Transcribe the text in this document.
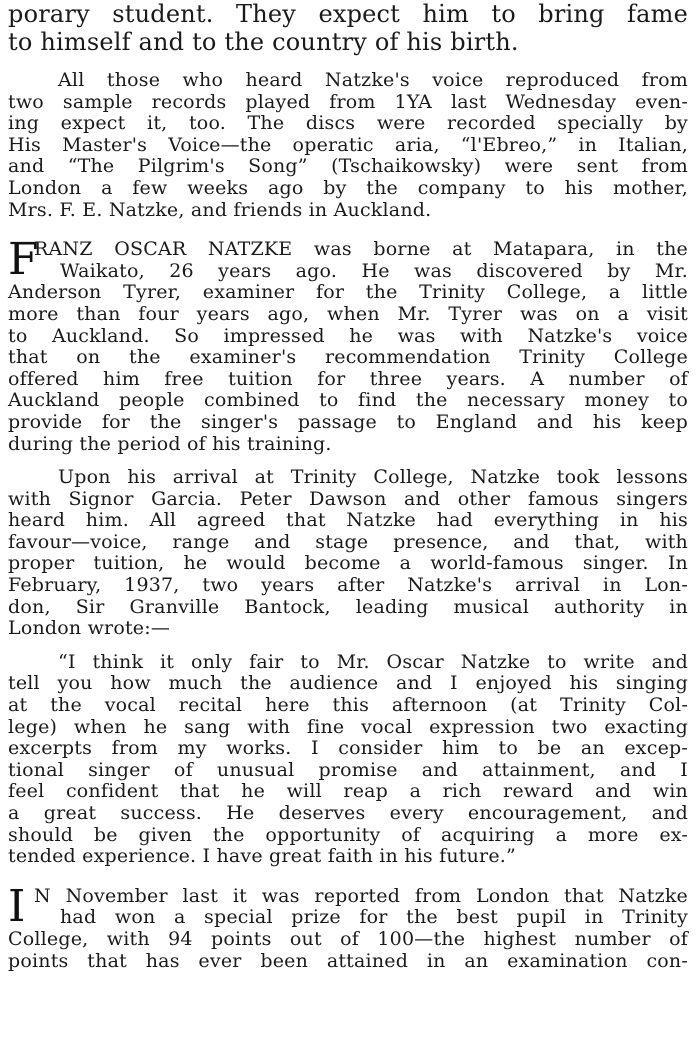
porary student. They expect him to bring fame
to himself and to the country of his birth.
All those who heard Natzke's voice reproduced from
two sample records played from 1YA last Wednesday even-
ing expect it, too. The discs were recorded specially by
His Master's Voice—the operatic aria, “l'Ebreo,” in Italian,
and “The Pilgrim's Song” (Tschaikowsky) were sent from
London a few weeks ago by the company to his mother,
Mrs. F. E. Natzke, and friends in Auckland.
F
RANZ OSCAR NATZKE was borne at Matapara, in the
Waikato, 26 years ago. He was discovered by Mr.
Anderson Tyrer, examiner for the Trinity College, a little
more than four years ago, when Mr. Tyrer was on a visit
to Auckland. So impressed he was with Natzke's voice
that on the examiner's recommendation Trinity College
offered him free tuition for three years. A number of
Auckland people combined to find the necessary money to
provide for the singer's passage to England and his keep
during the period of his training.
Upon his arrival at Trinity College, Natzke took lessons
with Signor Garcia. Peter Dawson and other famous singers
heard him. All agreed that Natzke had everything in his
favour—voice, range and stage presence, and that, with
proper tuition, he would become a world-famous singer. In
February, 1937, two years after Natzke's arrival in Lon-
don, Sir Granville Bantock, leading musical authority in
London wrote:—
“I think it only fair to Mr. Oscar Natzke to write and
tell you how much the audience and I enjoyed his singing
at the vocal recital here this afternoon (at Trinity Col-
lege) when he sang with fine vocal expression two exacting
excerpts from my works. I consider him to be an excep-
tional singer of unusual promise and attainment, and I
feel confident that he will reap a rich reward and win
a great success. He deserves every encouragement, and
should be given the opportunity of acquiring a more ex-
tended experience. I have great faith in his future.”
I N November last it was reported from London that Natzke
had won a special prize for the best pupil in Trinity
College, with 94 points out of 100—the highest number of
points that has ever been attained in an examination con-
